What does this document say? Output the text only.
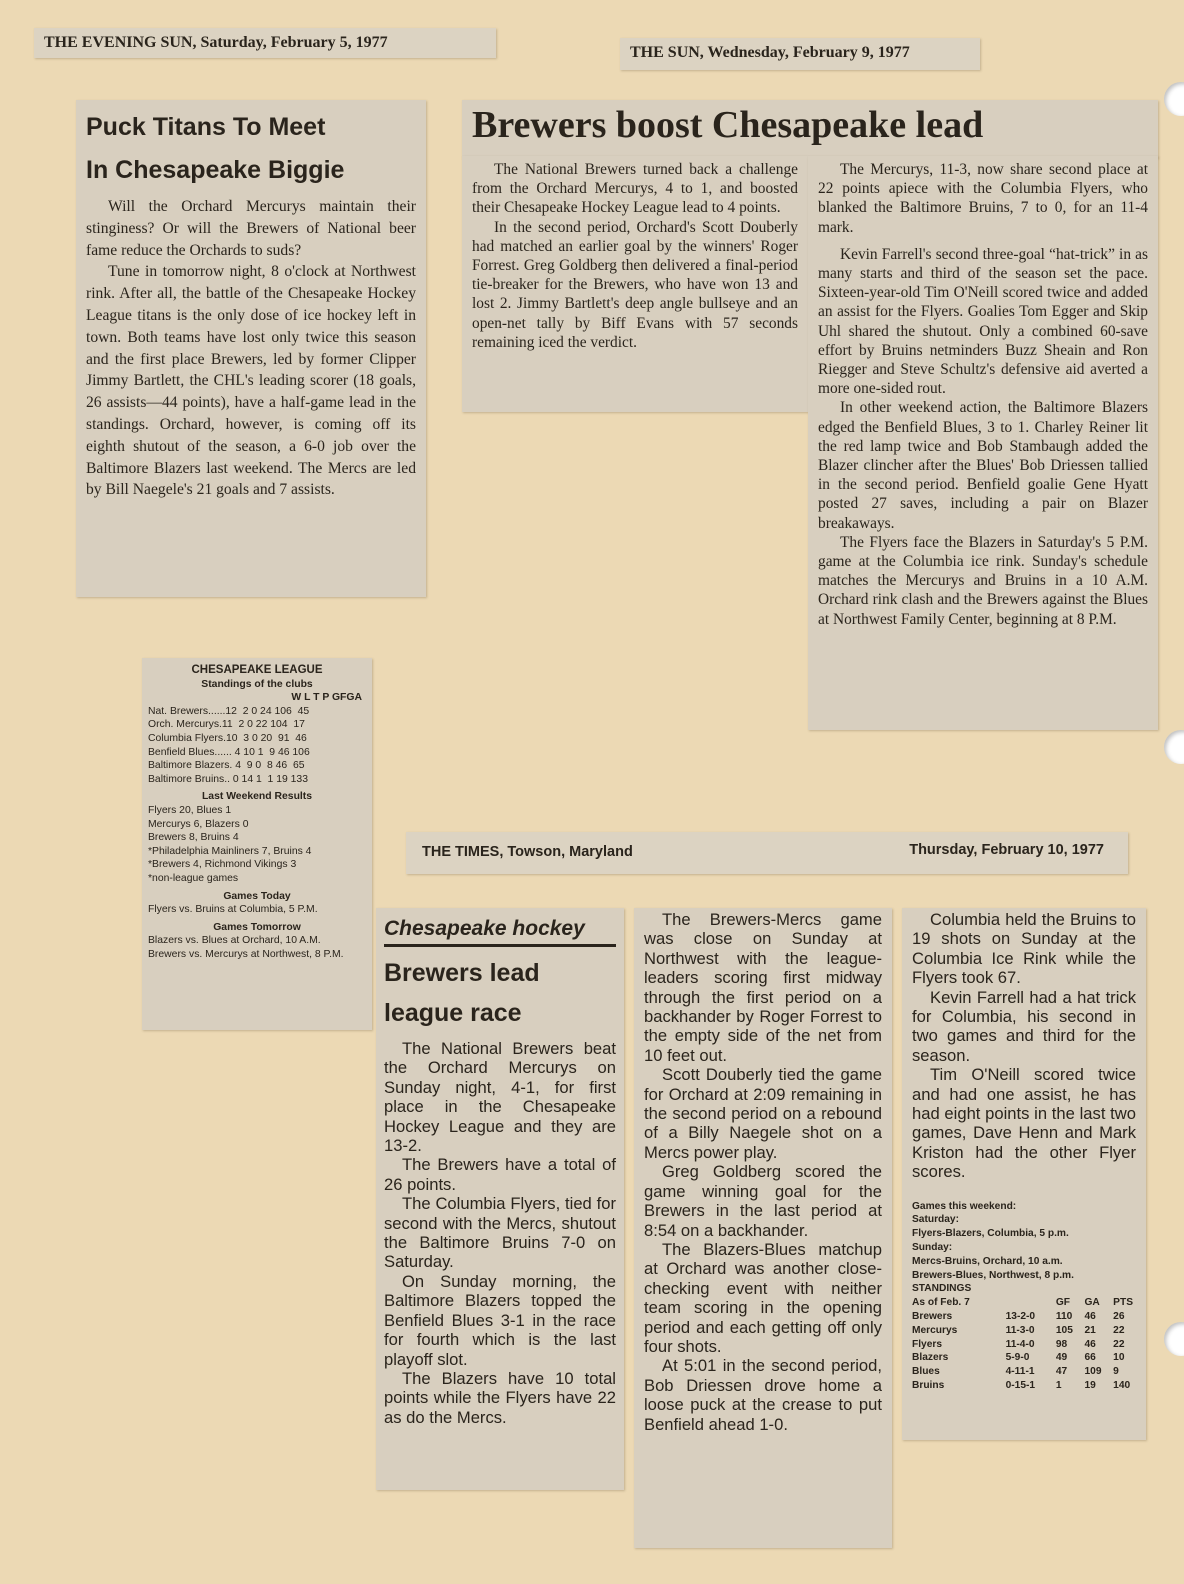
THE EVENING SUN, Saturday, February 5, 1977
THE SUN, Wednesday, February 9, 1977
Puck Titans To Meet
In Chesapeake Biggie

Will the Orchard Mercurys maintain their stinginess? Or will the Brewers of National beer fame reduce the Orchards to suds?

Tune in tomorrow night, 8 o'clock at Northwest rink. After all, the battle of the Chesapeake Hockey League titans is the only dose of ice hockey left in town. Both teams have lost only twice this season and the first place Brewers, led by former Clipper Jimmy Bartlett, the CHL's leading scorer (18 goals, 26 assists—44 points), have a half-game lead in the standings. Orchard, however, is coming off its eighth shutout of the season, a 6-0 job over the Baltimore Blazers last weekend. The Mercs are led by Bill Naegele's 21 goals and 7 assists.

Brewers boost Chesapeake lead

The National Brewers turned back a challenge from the Orchard Mercurys, 4 to 1, and boosted their Chesapeake Hockey League lead to 4 points.

In the second period, Orchard's Scott Douberly had matched an earlier goal by the winners' Roger Forrest. Greg Goldberg then delivered a final-period tie-breaker for the Brewers, who have won 13 and lost 2. Jimmy Bartlett's deep angle bullseye and an open-net tally by Biff Evans with 57 seconds remaining iced the verdict.

The Mercurys, 11-3, now share second place at 22 points apiece with the Columbia Flyers, who blanked the Baltimore Bruins, 7 to 0, for an 11-4 mark.

Kevin Farrell's second three-goal “hat-trick” in as many starts and third of the season set the pace. Sixteen-year-old Tim O'Neill scored twice and added an assist for the Flyers. Goalies Tom Egger and Skip Uhl shared the shutout. Only a combined 60-save effort by Bruins netminders Buzz Sheain and Ron Riegger and Steve Schultz's defensive aid averted a more one-sided rout.

In other weekend action, the Baltimore Blazers edged the Benfield Blues, 3 to 1. Charley Reiner lit the red lamp twice and Bob Stambaugh added the Blazer clincher after the Blues' Bob Driessen tallied in the second period. Benfield goalie Gene Hyatt posted 27 saves, including a pair on Blazer breakaways.

The Flyers face the Blazers in Saturday's 5 P.M. game at the Columbia ice rink. Sunday's schedule matches the Mercurys and Bruins in a 10 A.M. Orchard rink clash and the Brewers against the Blues at Northwest Family Center, beginning at 8 P.M.

CHESAPEAKE LEAGUE
Standings of the clubs
W L T P GFGA
Nat. Brewers......12  2 0 24 106  45
Orch. Mercurys.11  2 0 22 104  17
Columbia Flyers.10  3 0 20  91  46
Benfield Blues...... 4 10 1  9 46 106
Baltimore Blazers. 4  9 0  8 46  65
Baltimore Bruins.. 0 14 1  1 19 133
Last Weekend Results
Flyers 20, Blues 1
Mercurys 6, Blazers 0
Brewers 8, Bruins 4
*Philadelphia Mainliners 7, Bruins 4
*Brewers 4, Richmond Vikings 3
*non-league games
Games Today
Flyers vs. Bruins at Columbia, 5 P.M.
Games Tomorrow
Blazers vs. Blues at Orchard, 10 A.M.
Brewers vs. Mercurys at Northwest, 8 P.M.
THE TIMES, Towson, Maryland	Thursday, February 10, 1977
Chesapeake hockey
Brewers lead
league race

The National Brewers beat the Orchard Mercurys on Sunday night, 4-1, for first place in the Chesapeake Hockey League and they are 13-2.

The Brewers have a total of 26 points.

The Columbia Flyers, tied for second with the Mercs, shutout the Baltimore Bruins 7-0 on Saturday.

On Sunday morning, the Baltimore Blazers topped the Benfield Blues 3-1 in the race for fourth which is the last playoff slot.

The Blazers have 10 total points while the Flyers have 22 as do the Mercs.

The Brewers-Mercs game was close on Sunday at Northwest with the league-leaders scoring first midway through the first period on a backhander by Roger Forrest to the empty side of the net from 10 feet out.

Scott Douberly tied the game for Orchard at 2:09 remaining in the second period on a rebound of a Billy Naegele shot on a Mercs power play.

Greg Goldberg scored the game winning goal for the Brewers in the last period at 8:54 on a backhander.

The Blazers-Blues matchup at Orchard was another close-checking event with neither team scoring in the opening period and each getting off only four shots.

At 5:01 in the second period, Bob Driessen drove home a loose puck at the crease to put Benfield ahead 1-0.

Columbia held the Bruins to 19 shots on Sunday at the Columbia Ice Rink while the Flyers took 67.

Kevin Farrell had a hat trick for Columbia, his second in two games and third for the season.

Tim O'Neill scored twice and had one assist, he has had eight points in the last two games, Dave Henn and Mark Kriston had the other Flyer scores.

Games this weekend:
Saturday:
Flyers-Blazers, Columbia, 5 p.m.
Sunday:
Mercs-Bruins, Orchard, 10 a.m.
Brewers-Blues, Northwest, 8 p.m.
STANDINGS
As of Feb. 7		GF	GA	PTS
Brewers	13-2-0	110	46	26
Mercurys	11-3-0	105	21	22
Flyers	11-4-0	98	46	22
Blazers	5-9-0	49	66	10
Blues	4-11-1	47	109	9
Bruins	0-15-1	1	19	140
